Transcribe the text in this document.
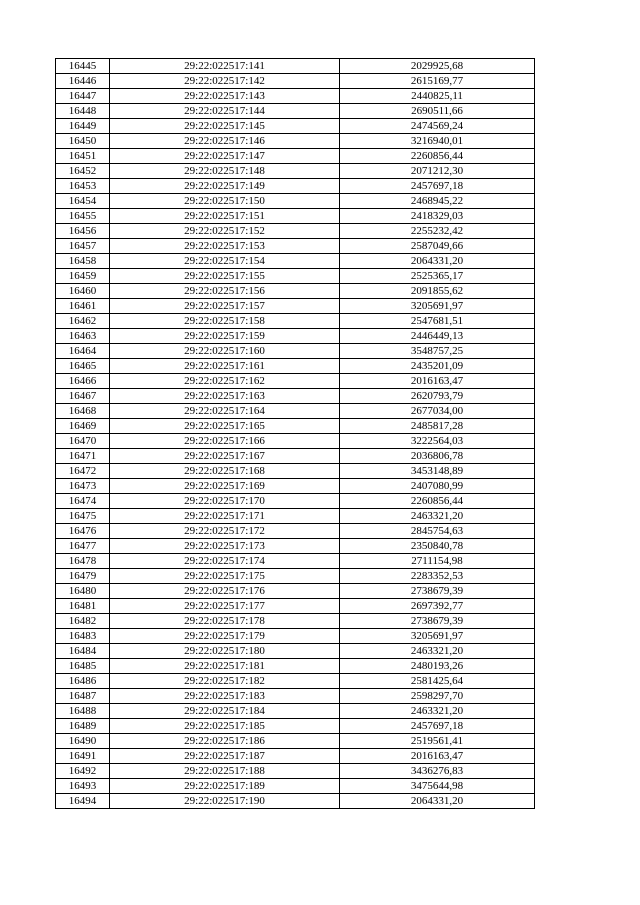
16445	29:22:022517:141	2029925,68
16446	29:22:022517:142	2615169,77
16447	29:22:022517:143	2440825,11
16448	29:22:022517:144	2690511,66
16449	29:22:022517:145	2474569,24
16450	29:22:022517:146	3216940,01
16451	29:22:022517:147	2260856,44
16452	29:22:022517:148	2071212,30
16453	29:22:022517:149	2457697,18
16454	29:22:022517:150	2468945,22
16455	29:22:022517:151	2418329,03
16456	29:22:022517:152	2255232,42
16457	29:22:022517:153	2587049,66
16458	29:22:022517:154	2064331,20
16459	29:22:022517:155	2525365,17
16460	29:22:022517:156	2091855,62
16461	29:22:022517:157	3205691,97
16462	29:22:022517:158	2547681,51
16463	29:22:022517:159	2446449,13
16464	29:22:022517:160	3548757,25
16465	29:22:022517:161	2435201,09
16466	29:22:022517:162	2016163,47
16467	29:22:022517:163	2620793,79
16468	29:22:022517:164	2677034,00
16469	29:22:022517:165	2485817,28
16470	29:22:022517:166	3222564,03
16471	29:22:022517:167	2036806,78
16472	29:22:022517:168	3453148,89
16473	29:22:022517:169	2407080,99
16474	29:22:022517:170	2260856,44
16475	29:22:022517:171	2463321,20
16476	29:22:022517:172	2845754,63
16477	29:22:022517:173	2350840,78
16478	29:22:022517:174	2711154,98
16479	29:22:022517:175	2283352,53
16480	29:22:022517:176	2738679,39
16481	29:22:022517:177	2697392,77
16482	29:22:022517:178	2738679,39
16483	29:22:022517:179	3205691,97
16484	29:22:022517:180	2463321,20
16485	29:22:022517:181	2480193,26
16486	29:22:022517:182	2581425,64
16487	29:22:022517:183	2598297,70
16488	29:22:022517:184	2463321,20
16489	29:22:022517:185	2457697,18
16490	29:22:022517:186	2519561,41
16491	29:22:022517:187	2016163,47
16492	29:22:022517:188	3436276,83
16493	29:22:022517:189	3475644,98
16494	29:22:022517:190	2064331,20
